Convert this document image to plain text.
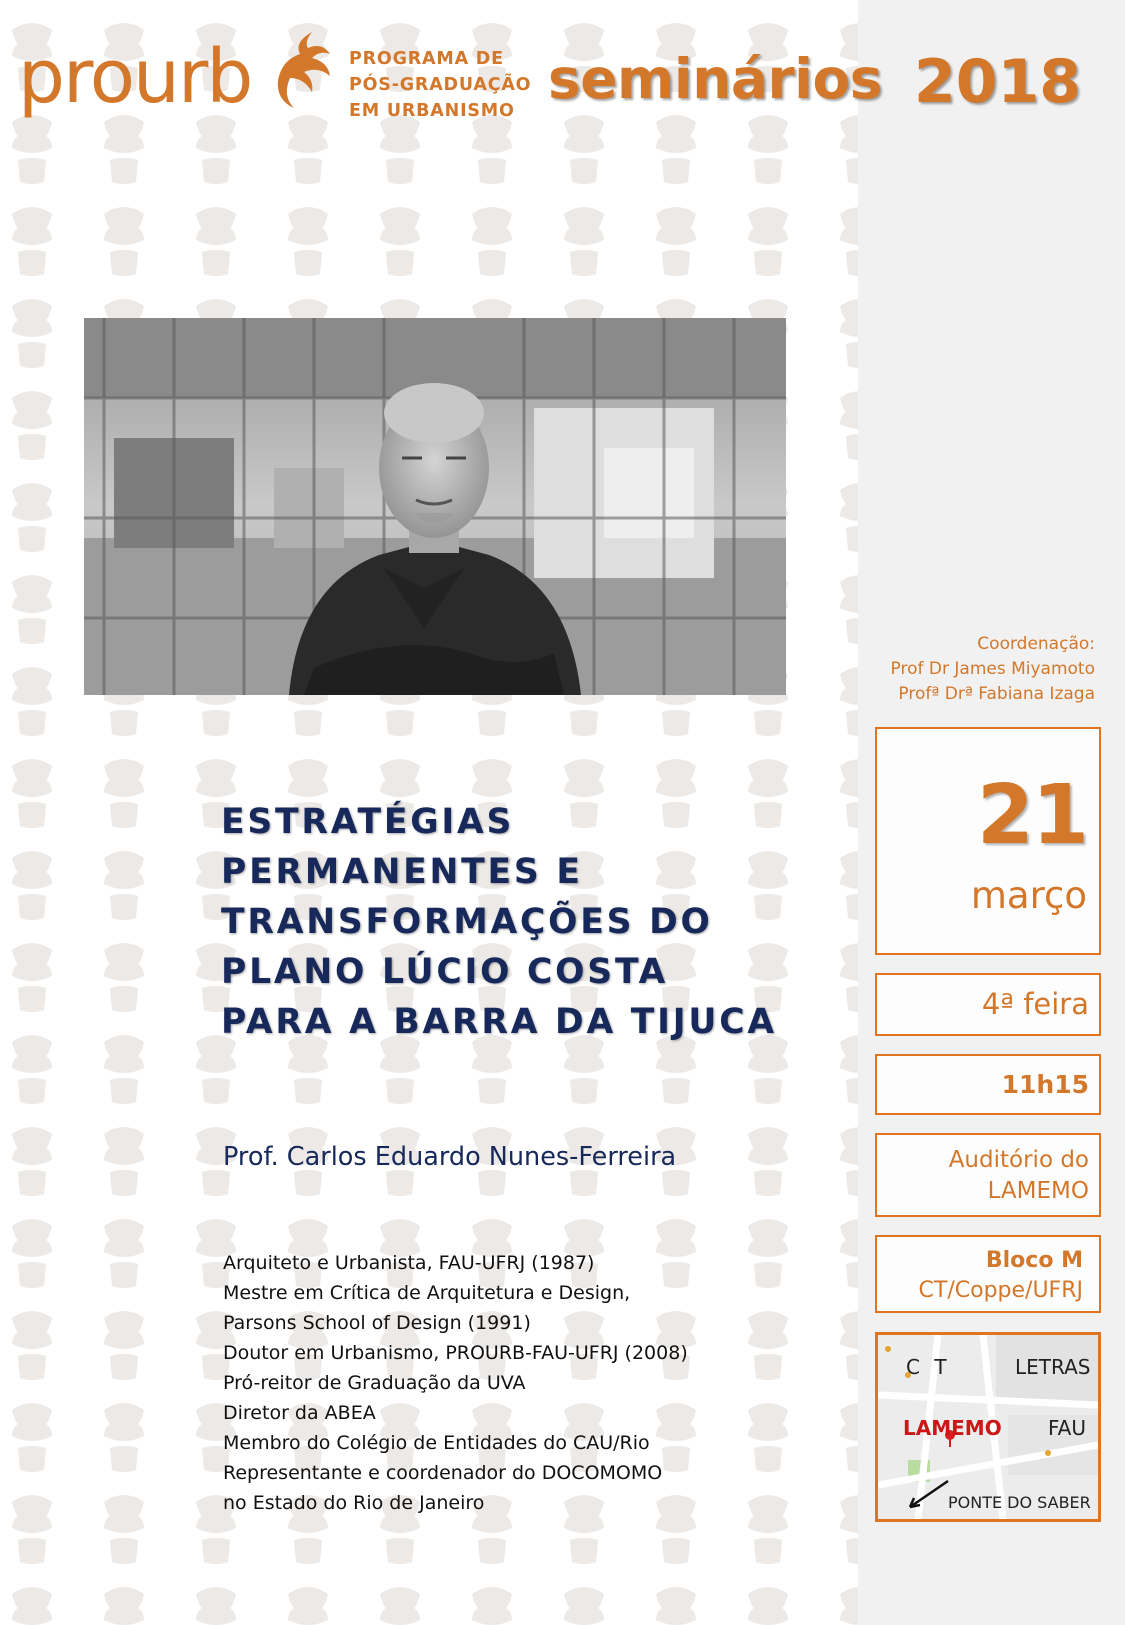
prourb	PROGRAMA DE
PÓS-GRADUAÇÃO
EM URBANISMO seminários 2018
Coordenação:
Prof Dr James Miyamoto
Profª Drª Fabiana Izaga
21
março
4ª feira
11h15
Auditório do
LAMEMO
Bloco M
CT/Coppe/UFRJ
C T	LETRAS
LAMEMO FAU
PONTE DO SABER
ESTRATÉGIAS
PERMANENTES E
TRANSFORMAÇÕES DO
PLANO LÚCIO COSTA
PARA A BARRA DA TIJUCA
Prof. Carlos Eduardo Nunes-Ferreira
Arquiteto e Urbanista, FAU-UFRJ (1987)
Mestre em Crítica de Arquitetura e Design,
Parsons School of Design (1991)
Doutor em Urbanismo, PROURB-FAU-UFRJ (2008)
Pró-reitor de Graduação da UVA
Diretor da ABEA
Membro do Colégio de Entidades do CAU/Rio
Representante e coordenador do DOCOMOMO
no Estado do Rio de Janeiro
